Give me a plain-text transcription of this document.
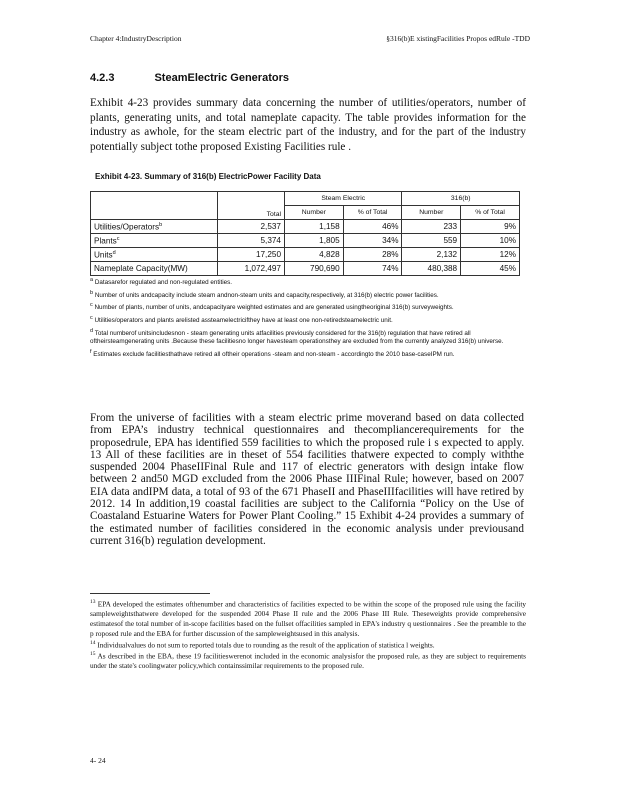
Chapter 4:IndustryDescription	§316(b)E xistingFacilities Propos edRule -TDD
4.2.3	SteamElectric Generators
Exhibit 4-23 provides summary data concerning the number of utilities/operators, number of plants, generating units, and total nameplate capacity. The table provides information for the industry as awhole, for the steam electric part of the industry, and for the part of the industry potentially subject tothe proposed Existing Facilities rule .
Exhibit 4-23. Summary of 316(b) ElectricPower Facility Data
	Total	Steam Electric		316(b)	
		Number	% of Total	Number	% of Total
Utilities/Operators$^b$	2,537	1,158	46%	233	9%
Plants$^c$	5,374	1,805	34%	559	10%
Units$^d$	17,250	4,828	28%	2,132	12%
Nameplate Capacity(MW)	1,072,497	790,690	74%	480,388	45%

$^a$ Datasarefor regulated and non-regulated entities.

$^b$ Number of units andcapacity include steam andnon-steam units and capacity,respectively, at 316(b) electric power facilities.

$^c$ Number of plants, number of units, andcapacityare weighted estimates and are generated usingtheoriginal 316(b) surveyweights.

$^c$ Utilities/operators and plants arelisted assteamelectricifthey have at least one non-retiredsteamelectric unit.

$^d$ Total numberof unitsincludesnon - steam generating units atfacilities previously considered for the 316(b) regulation that have retired all oftheirsteamgenerating units .Because these facilitiesno longer havesteam operationsthey are excluded from the currently analyzed 316(b) universe.

$^f$ Estimates exclude facilitiesthathave retired all oftheir operations -steam and non-steam - accordingto the 2010 base-caseIPM run.

From the universe of facilities with a steam electric prime moverand based on data collected from EPA’s industry technical questionnaires and thecompliancerequirements for the proposedrule, EPA has identified 559 facilities to which the proposed rule i s expected to apply. 13 All of these facilities are in theset of 554 facilities thatwere expected to comply withthe suspended 2004 PhaseIIFinal Rule and 117 of electric generators with design intake flow between 2 and50 MGD excluded from the 2006 Phase IIIFinal Rule; however, based on 2007 EIA data andIPM data, a total of 93 of the 671 PhaseII and PhaseIIIfacilities will have retired by 2012. 14 In addition,19 coastal facilities are subject to the California “Policy on the Use of Coastaland Estuarine Waters for Power Plant Cooling.” 15 Exhibit 4-24 provides a summary of the estimated number of facilities considered in the economic analysis under previousand current 316(b) regulation development.

$^{13}$ EPA developed the estimates ofthenumber and characteristics of facilities expected to be within the scope of the proposed rule using the facility sampleweightsthatwere developed for the suspended 2004 Phase II rule and the 2006 Phase III Rule. Theseweights provide comprehensive estimatesof the total number of in-scope facilities based on the fullset offacilities sampled in EPA's industry q uestionnaires . See the preamble to the p roposed rule and the EBA for further discussion of the sampleweightsused in this analysis.

$^{14}$ Individualvalues do not sum to reported totals due to rounding as the result of the application of statistica l weights.

$^{15}$ As described in the EBA, these 19 facilitieswerenot included in the economic analysisfor the proposed rule, as they are subject to requirements under the state's coolingwater policy,which containssimilar requirements to the proposed rule.

4- 24
